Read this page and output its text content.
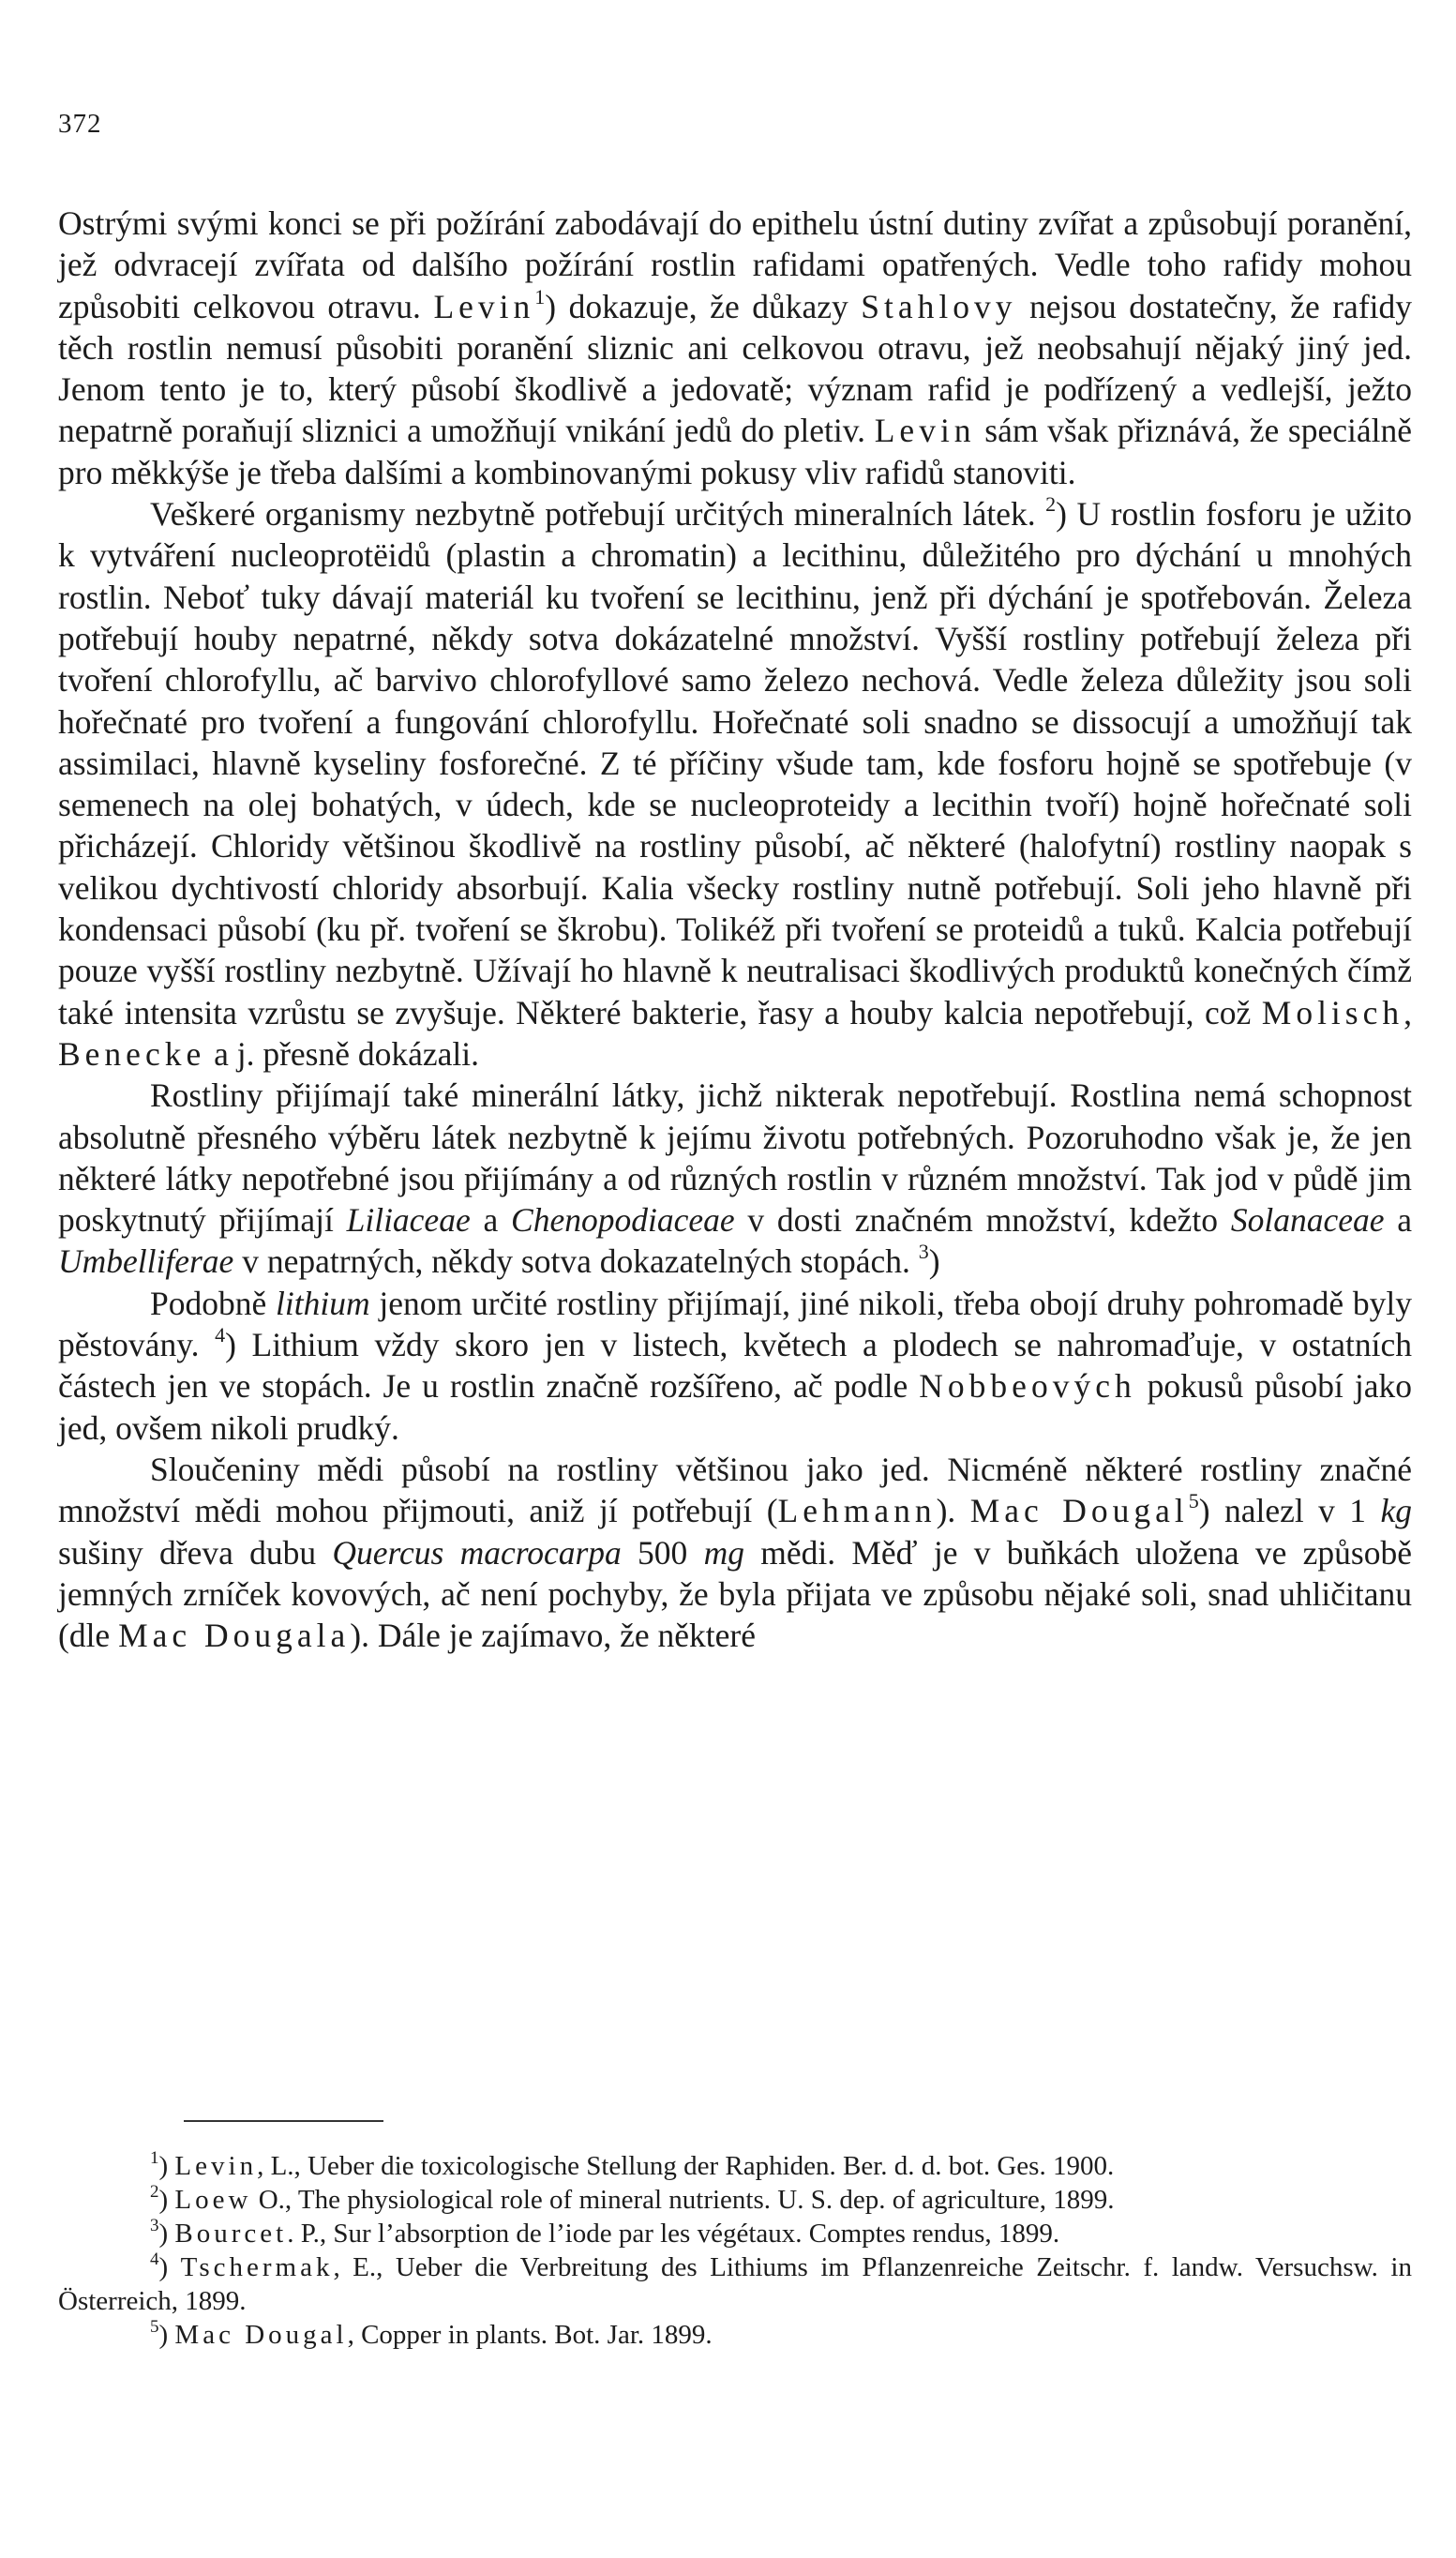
372

Ostrými svými konci se při požírání zabodávají do epithelu ústní dutiny zvířat a způsobují poranění, jež odvracejí zvířata od dalšího požírání rostlin rafidami opatřených. Vedle toho rafidy mohou způsobiti celkovou otravu. Levin$^1$) dokazuje, že důkazy Stahlovy nejsou dostatečny, že rafidy těch rostlin nemusí působiti poranění sliznic ani celkovou otravu, jež neobsahují nějaký jiný jed. Jenom tento je to, který působí škodlivě a jedovatě; význam rafid je podřízený a vedlejší, ježto nepatrně poraňují sliznici a umožňují vnikání jedů do pletiv. Levin sám však přiznává, že speciálně pro měkkýše je třeba dalšími a kombinovanými pokusy vliv rafidů stanoviti.

Veškeré organismy nezbytně potřebují určitých mineralních látek. $^2$) U rostlin fosforu je užito k vytváření nucleoprotëidů (plastin a chromatin) a lecithinu, důležitého pro dýchání u mnohých rostlin. Neboť tuky dávají materiál ku tvoření se lecithinu, jenž při dýchání je spotřebován. Železa potřebují houby nepatrné, někdy sotva dokázatelné množství. Vyšší rostliny potřebují železa při tvoření chlorofyllu, ač barvivo chlorofyllové samo železo nechová. Vedle železa důležity jsou soli hořečnaté pro tvoření a fungování chlorofyllu. Hořečnaté soli snadno se dissocují a umožňují tak assimilaci, hlavně kyseliny fosforečné. Z té příčiny všude tam, kde fosforu hojně se spotřebuje (v semenech na olej bohatých, v údech, kde se nucleoproteidy a lecithin tvoří) hojně hořečnaté soli přicházejí. Chloridy většinou škodlivě na rostliny působí, ač některé (halofytní) rostliny naopak s velikou dychtivostí chloridy absorbují. Kalia všecky rostliny nutně potřebují. Soli jeho hlavně při kondensaci působí (ku př. tvoření se škrobu). Tolikéž při tvoření se proteidů a tuků. Kalcia potřebují pouze vyšší rostliny nezbytně. Užívají ho hlavně k neutralisaci škodlivých produktů konečných čímž také intensita vzrůstu se zvyšuje. Některé bakterie, řasy a houby kalcia nepotřebují, což Molisch, Benecke a j. přesně dokázali.

Rostliny přijímají také minerální látky, jichž nikterak nepotřebují. Rostlina nemá schopnost absolutně přesného výběru látek nezbytně k jejímu životu potřebných. Pozoruhodno však je, že jen některé látky nepotřebné jsou přijímány a od různých rostlin v různém množství. Tak jod v půdě jim poskytnutý přijímají Liliaceae a Chenopodiaceae v dosti značném množství, kdežto Solanaceae a Umbelliferae v nepatrných, někdy sotva dokazatelných stopách. $^3$)

Podobně lithium jenom určité rostliny přijímají, jiné nikoli, třeba obojí druhy pohromadě byly pěstovány. $^4$) Lithium vždy skoro jen v listech, květech a plodech se nahromaďuje, v ostatních částech jen ve stopách. Je u rostlin značně rozšířeno, ač podle Nobbeových pokusů působí jako jed, ovšem nikoli prudký.

Sloučeniny mědi působí na rostliny většinou jako jed. Nicméně některé rostliny značné množství mědi mohou přijmouti, aniž jí potřebují (Lehmann). Mac Dougal$^5$) nalezl v 1 kg sušiny dřeva dubu Quercus macrocarpa 500 mg mědi. Měď je v buňkách uložena ve způsobě jemných zrníček kovových, ač není pochyby, že byla přijata ve způsobu nějaké soli, snad uhličitanu (dle Mac Dougala). Dále je zajímavo, že některé

$^1$) Levin, L., Ueber die toxicologische Stellung der Raphiden. Ber. d. d. bot. Ges. 1900.

$^2$) Loew O., The physiological role of mineral nutrients. U. S. dep. of agriculture, 1899.

$^3$) Bourcet. P., Sur l’absorption de l’iode par les végétaux. Comptes rendus, 1899.

$^4$) Tschermak, E., Ueber die Verbreitung des Lithiums im Pflanzenreiche Zeitschr. f. landw. Versuchsw. in Österreich, 1899.

$^5$) Mac Dougal, Copper in plants. Bot. Jar. 1899.
